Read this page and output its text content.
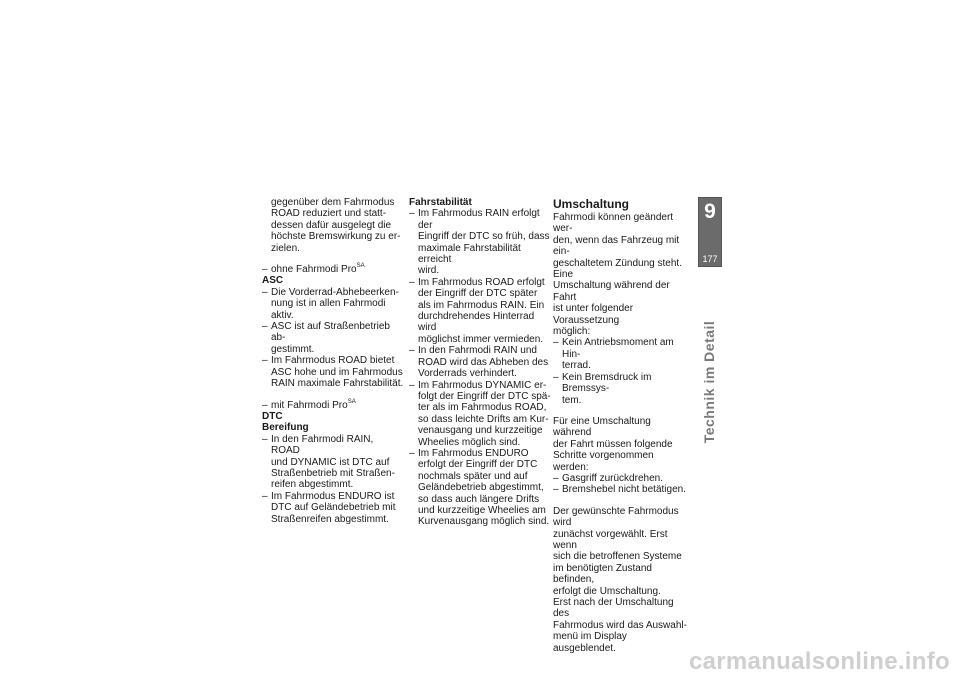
gegenüber dem Fahrmodus

ROAD reduziert und statt-

dessen dafür ausgelegt die

höchste Bremswirkung zu er-

zielen.

– ohne Fahrmodi Pro$^{SA}$

ASC

– Die Vorderrad-Abhebeerken-

nung ist in allen Fahrmodi aktiv.

– ASC ist auf Straßenbetrieb ab-

gestimmt.

– Im Fahrmodus ROAD bietet

ASC hohe und im Fahrmodus

RAIN maximale Fahrstabilität.

– mit Fahrmodi Pro$^{SA}$

DTC

Bereifung

– In den Fahrmodi RAIN, ROAD

und DYNAMIC ist DTC auf

Straßenbetrieb mit Straßen-

reifen abgestimmt.

– Im Fahrmodus ENDURO ist

DTC auf Geländebetrieb mit

Straßenreifen abgestimmt.

Fahrstabilität

– Im Fahrmodus RAIN erfolgt der

Eingriff der DTC so früh, dass

maximale Fahrstabilität erreicht

wird.

– Im Fahrmodus ROAD erfolgt

der Eingriff der DTC später

als im Fahrmodus RAIN. Ein

durchdrehendes Hinterrad wird

möglichst immer vermieden.

– In den Fahrmodi RAIN und

ROAD wird das Abheben des

Vorderrads verhindert.

– Im Fahrmodus DYNAMIC er-

folgt der Eingriff der DTC spä-

ter als im Fahrmodus ROAD,

so dass leichte Drifts am Kur-

venausgang und kurzzeitige

Wheelies möglich sind.

– Im Fahrmodus ENDURO

erfolgt der Eingriff der DTC

nochmals später und auf

Geländebetrieb abgestimmt,

so dass auch längere Drifts

und kurzzeitige Wheelies am

Kurvenausgang möglich sind.

Umschaltung

Fahrmodi können geändert wer-

den, wenn das Fahrzeug mit ein-

geschaltetem Zündung steht. Eine

Umschaltung während der Fahrt

ist unter folgender Voraussetzung

möglich:

– Kein Antriebsmoment am Hin-

terrad.

– Kein Bremsdruck im Bremssys-

tem.

Für eine Umschaltung während

der Fahrt müssen folgende

Schritte vorgenommen werden:

– Gasgriff zurückdrehen.

– Bremshebel nicht betätigen.

Der gewünschte Fahrmodus wird

zunächst vorgewählt. Erst wenn

sich die betroffenen Systeme

im benötigten Zustand befinden,

erfolgt die Umschaltung.

Erst nach der Umschaltung des

Fahrmodus wird das Auswahl-

menü im Display ausgeblendet.

9
177
Technik im Detail
carmanualsonline.info
